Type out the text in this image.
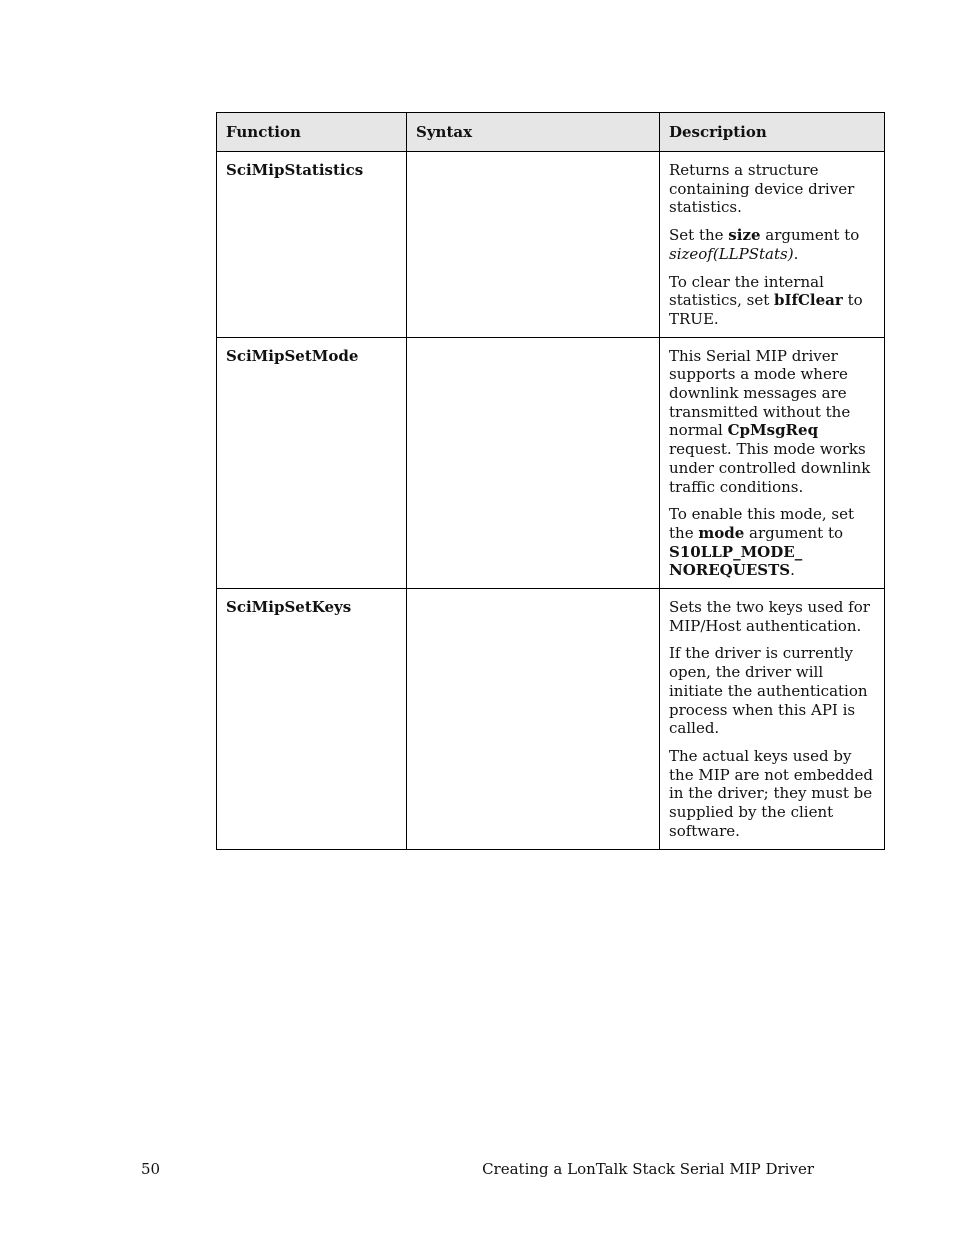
Function	Syntax	Description
SciMipStatistics		Returns a structure containing device driver statistics.
Set the size argument to sizeof(LLPStats).
To clear the internal statistics, set bIfClear to TRUE.

SciMipSetMode		This Serial MIP driver supports a mode where downlink messages are transmitted without the normal CpMsgReq request. This mode works under controlled downlink traffic conditions.
To enable this mode, set the mode argument to S10LLP_MODE_ NOREQUESTS.

SciMipSetKeys		Sets the two keys used for MIP/Host authentication.
If the driver is currently open, the driver will initiate the authentication process when this API is called.
The actual keys used by the MIP are not embedded in the driver; they must be supplied by the client software.
50	Creating a LonTalk Stack Serial MIP Driver
